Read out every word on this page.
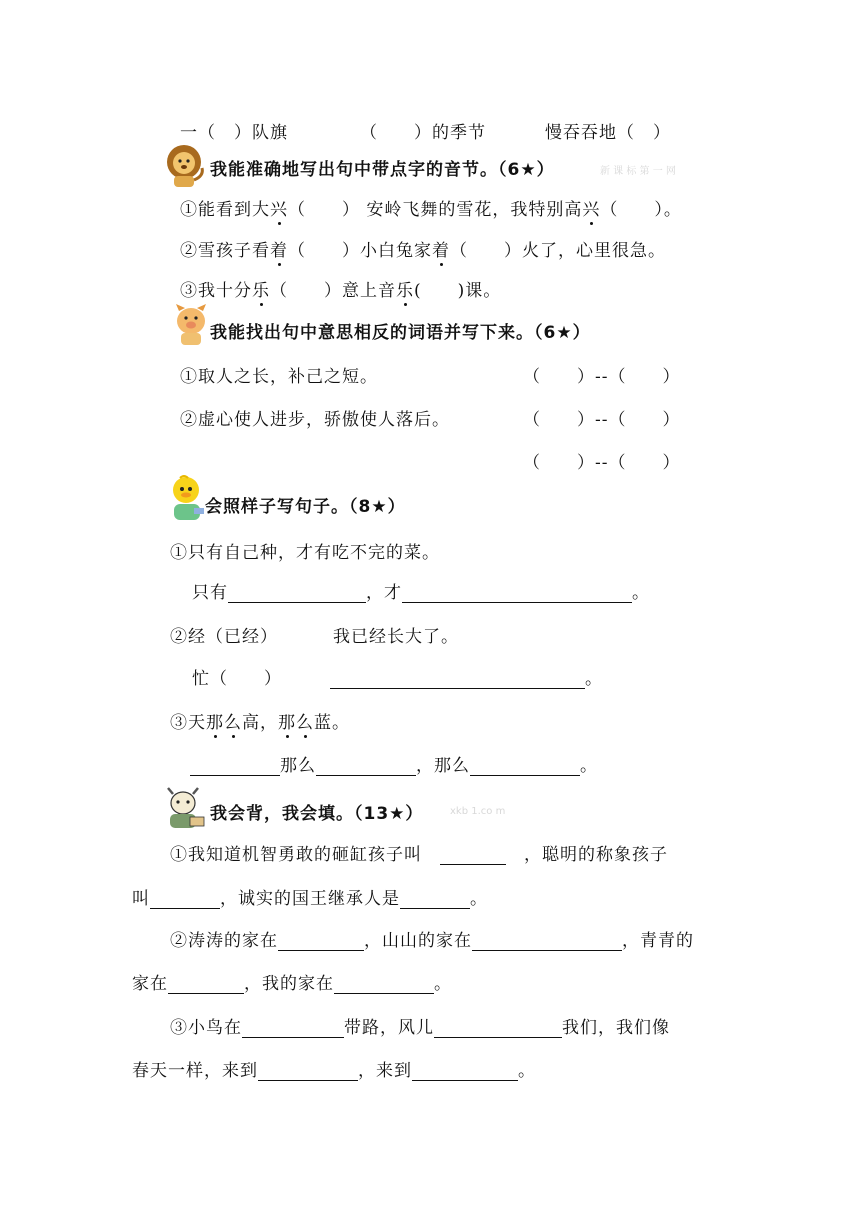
一（　）队旗	（　　）的季节	慢吞吞地（　）
我能准确地写出句中带点字的音节。（6★）	新 课 标 第 一 网
①能看到大兴（　　） 安岭飞舞的雪花，我特别高兴（　　）。
②雪孩子看着（　　）小白兔家着（　　）火了，心里很急。
③我十分乐（　　）意上音乐(　　)课。
我能找出句中意思相反的词语并写下来。（6★）
①取人之长，补己之短。	（　　）--（　　）
②虚心使人进步，骄傲使人落后。	（　　）--（　　）
（　　）--（　　）
会照样子写句子。（8★）
①只有自己种，才有吃不完的菜。
只有	，才	。
②经（已经）	我已经长大了。
忙（　　）	。
③天那么高，那么蓝。
那么	，那么	。
我会背，我会填。（13★）	xkb 1.co m
①我知道机智勇敢的砸缸孩子叫　　	，聪明的称象孩子
叫	，诚实的国王继承人是	。
②涛涛的家在	，山山的家在	，青青的
家在	，我的家在	。
③小鸟在	带路，风儿	我们，我们像
春天一样，来到	，来到	。
